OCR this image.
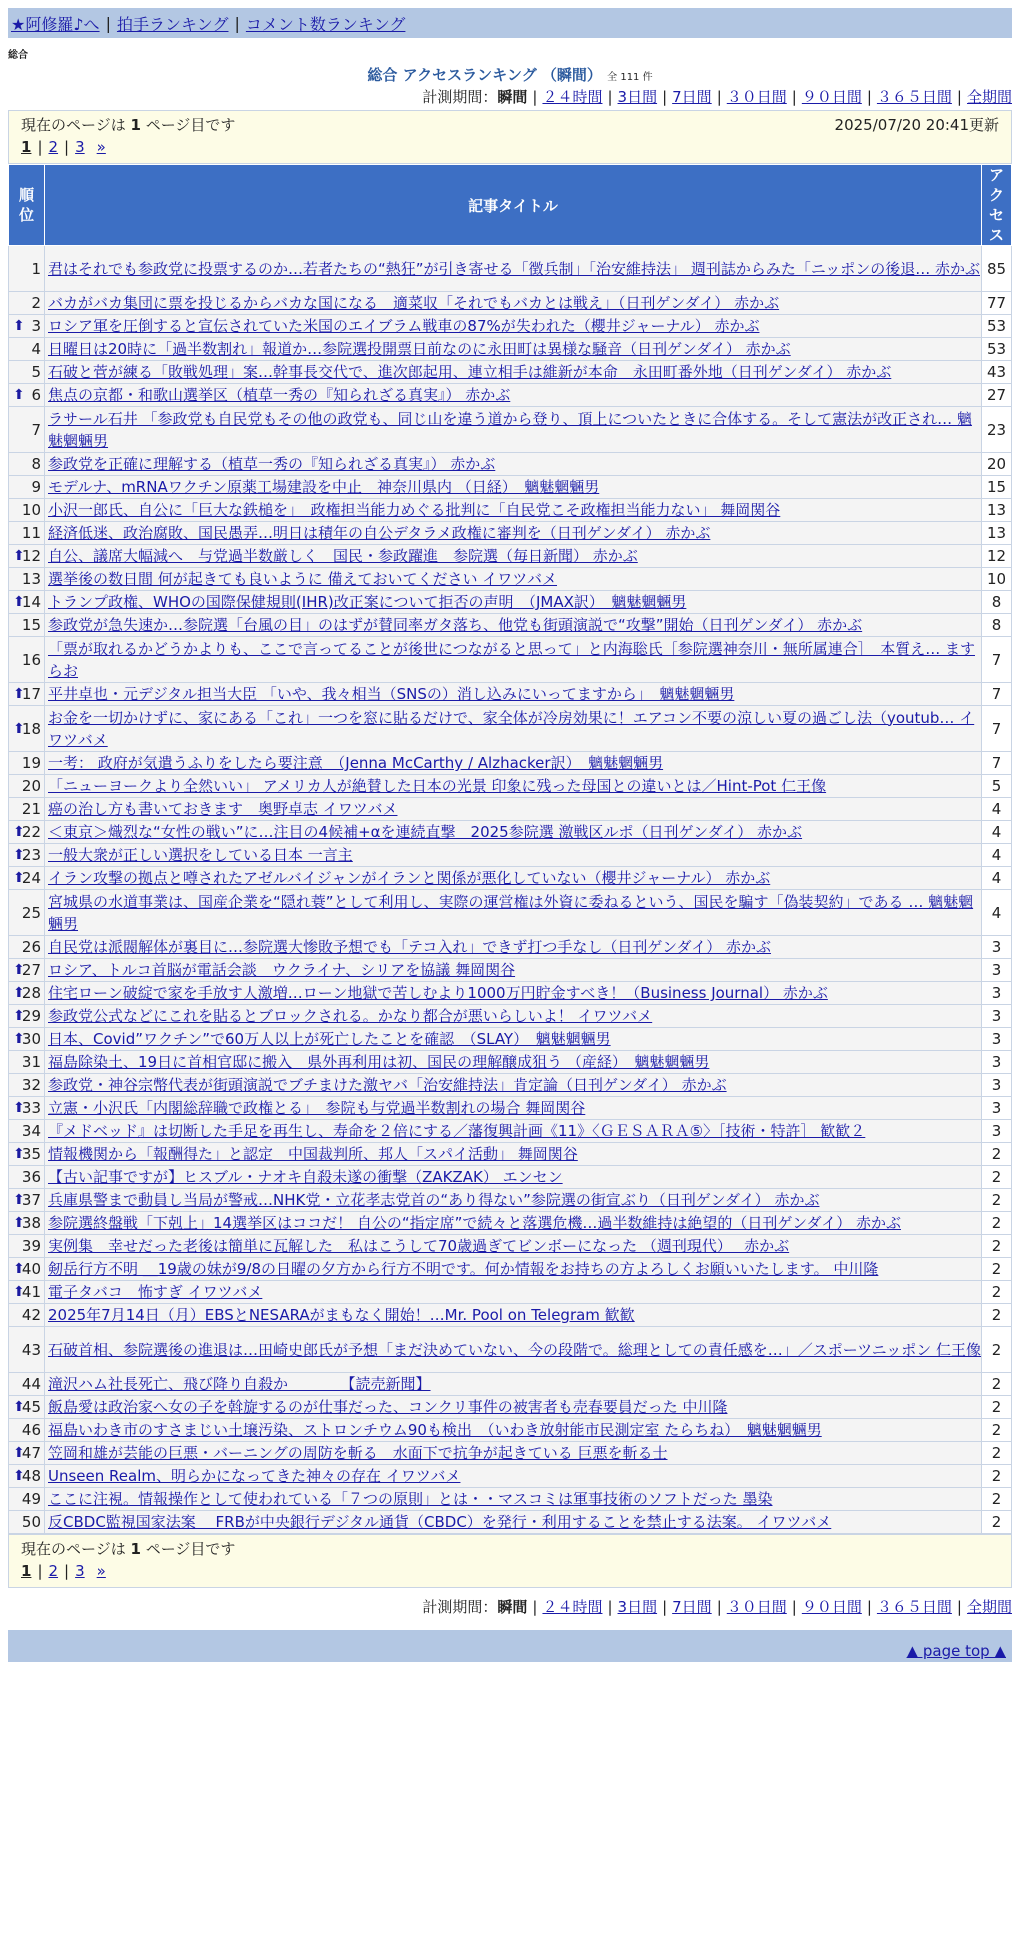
★阿修羅♪へ | 拍手ランキング | コメント数ランキング
総合
総合 アクセスランキング （瞬間） 全 111 件
計測期間：瞬間 | ２４時間 | 3日間 | 7日間 | ３０日間 | ９０日間 | ３６５日間 | 全期間
現在のページは 1 ページ目です	2025/07/20 20:41更新
1 | 2 | 3 »
順位	記事タイトル	アクセス

1	君はそれでも参政党に投票するのか…若者たちの“熱狂”が引き寄せる「徴兵制」「治安維持法」 週刊誌からみた「ニッポンの後退… 赤かぶ	85
2	バカがバカ集団に票を投じるからバカな国になる　適菜収「それでもバカとは戦え」（日刊ゲンダイ） 赤かぶ	77

⬆ 3	ロシア軍を圧倒すると宣伝されていた米国のエイブラム戦車の87%が失われた（櫻井ジャーナル） 赤かぶ	53
4	日曜日は20時に「過半数割れ」報道か…参院選投開票日前なのに永田町は異様な騒音（日刊ゲンダイ） 赤かぶ	53
5	石破と菅が練る「敗戦処理」案…幹事長交代で、進次郎起用、連立相手は維新が本命　永田町番外地（日刊ゲンダイ） 赤かぶ	43

⬆ 6	焦点の京都・和歌山選挙区（植草一秀の『知られざる真実』） 赤かぶ	27
7	ラサール石井 「参政党も自民党もその他の政党も、同じ山を違う道から登り、頂上についたときに合体する。そして憲法が改正され… 魑魅魍魎男	23
8	参政党を正確に理解する（植草一秀の『知られざる真実』） 赤かぶ	20
9	モデルナ、mRNAワクチン原薬工場建設を中止　神奈川県内 （日経）　魑魅魍魎男	15
10	小沢一郎氏、自公に「巨大な鉄槌を」　政権担当能力めぐる批判に「自民党こそ政権担当能力ない」 舞岡関谷	13
11	経済低迷、政治腐敗、国民愚弄…明日は積年の自公デタラメ政権に審判を（日刊ゲンダイ） 赤かぶ	13

⬆
12	自公、議席大幅減へ　与党過半数厳しく　国民・参政躍進　参院選（毎日新聞） 赤かぶ	12
13	選挙後の数日間 何が起きても良いように 備えておいてください イワツバメ	10

⬆
14	トランプ政権、WHOの国際保健規則(IHR)改正案について拒否の声明　（JMAX訳）　魑魅魍魎男	8
15	参政党が急失速か…参院選「台風の目」のはずが賛同率ガタ落ち、他党も街頭演説で“攻撃”開始（日刊ゲンダイ） 赤かぶ	8
16	「票が取れるかどうかよりも、ここで言ってることが後世につながると思って」と内海聡氏［参院選神奈川・無所属連合］　本質え… ますらお	7

⬆
17	平井卓也・元デジタル担当大臣 「いや、我々相当（SNSの）消し込みにいってますから」　魑魅魍魎男	7

⬆
18	お金を一切かけずに、家にある「これ」一つを窓に貼るだけで、家全体が冷房効果に！エアコン不要の涼しい夏の過ごし法（youtub… イワツバメ	7
19	一考： 政府が気遣うふりをしたら要注意　（Jenna McCarthy / Alzhacker訳）　魑魅魍魎男	7
20	「ニューヨークより全然いい」 アメリカ人が絶賛した日本の光景 印象に残った母国との違いとは／Hint-Pot 仁王像	5
21	癌の治し方も書いておきます　奥野卓志 イワツバメ	4

⬆
22	＜東京＞熾烈な“女性の戦い”に…注目の4候補+αを連続直撃　2025参院選 激戦区ルポ（日刊ゲンダイ） 赤かぶ	4

⬆
23	一般大衆が正しい選択をしている日本 一言主	4

⬆
24	イラン攻撃の拠点と噂されたアゼルバイジャンがイランと関係が悪化していない（櫻井ジャーナル） 赤かぶ	4
25	宮城県の水道事業は、国産企業を“隠れ蓑”として利用し、実際の運営権は外資に委ねるという、国民を騙す「偽装契約」である … 魑魅魍魎男	4
26	自民党は派閥解体が裏目に…参院選大惨敗予想でも「テコ入れ」できず打つ手なし（日刊ゲンダイ） 赤かぶ	3

⬆
27	ロシア、トルコ首脳が電話会談　ウクライナ、シリアを協議 舞岡関谷	3

⬆
28	住宅ローン破綻で家を手放す人激増…ローン地獄で苦しむより1000万円貯金すべき！（Business Journal） 赤かぶ	3

⬆
29	参政党公式などにこれを貼るとブロックされる。かなり都合が悪いらしいよ！ イワツバメ	3

⬆
30	日本、Covid”ワクチン”で60万人以上が死亡したことを確認　（SLAY）　魑魅魍魎男	3
31	福島除染土、19日に首相官邸に搬入　県外再利用は初、国民の理解醸成狙う （産経）　魑魅魍魎男	3
32	参政党・神谷宗幣代表が街頭演説でブチまけた激ヤバ「治安維持法」肯定論（日刊ゲンダイ） 赤かぶ	3

⬆
33	立憲・小沢氏「内閣総辞職で政権とる」　参院も与党過半数割れの場合 舞岡関谷	3
34	『メドベッド』は切断した手足を再生し、寿命を２倍にする／藩復興計画《11》〈ＧＥＳＡＲＡ⑤〉［技術・特許］ 歓歓２	3

⬆
35	情報機関から「報酬得た」と認定　中国裁判所、邦人「スパイ活動」 舞岡関谷	2
36	【古い記事ですが】ヒスブル・ナオキ自殺未遂の衝撃（ZAKZAK） エンセン	2

⬆
37	兵庫県警まで動員し当局が警戒…NHK党・立花孝志党首の“あり得ない”参院選の街宣ぶり（日刊ゲンダイ） 赤かぶ	2

⬆
38	参院選終盤戦「下剋上」14選挙区はココだ！ 自公の“指定席”で続々と落選危機…過半数維持は絶望的（日刊ゲンダイ） 赤かぶ	2
39	実例集　幸せだった老後は簡単に瓦解した　私はこうして70歳過ぎてビンボーになった （週刊現代）　 赤かぶ	2

⬆
40	剱岳行方不明 ＿19歳の妹が9/8の日曜の夕方から行方不明です。何か情報をお持ちの方よろしくお願いいたします。 中川隆	2

⬆
41	電子タバコ　怖すぎ イワツバメ	2
42	2025年7月14日（月）EBSとNESARAがまもなく開始！…Mr. Pool on Telegram 歓歓	2
43	石破首相、参院選後の進退は…田崎史郎氏が予想「まだ決めていない、今の段階で。総理としての責任感を…」／スポーツニッポン 仁王像	2
44	滝沢ハム社長死亡、飛び降り自殺か　　　　【読売新聞】	2

⬆
45	飯島愛は政治家へ女の子を斡旋するのが仕事だった、コンクリ事件の被害者も売春要員だった 中川隆	2
46	福島いわき市のすさまじい土壌汚染、ストロンチウム90も検出　（いわき放射能市民測定室 たらちね）　魑魅魍魎男	2

⬆
47	笠岡和雄が芸能の巨悪・バーニングの周防を斬る　水面下で抗争が起きている 巨悪を斬る士	2

⬆
48	Unseen Realm、明らかになってきた神々の存在 イワツバメ	2
49	ここに注視。情報操作として使われている「７つの原則」とは・・マスコミは軍事技術のソフトだった 墨染	2
50	反CBDC監視国家法案　 FRBが中央銀行デジタル通貨（CBDC）を発行・利用することを禁止する法案。 イワツバメ	2
現在のページは 1 ページ目です
1 | 2 | 3 »
計測期間：瞬間 | ２４時間 | 3日間 | 7日間 | ３０日間 | ９０日間 | ３６５日間 | 全期間
▲ page top ▲
